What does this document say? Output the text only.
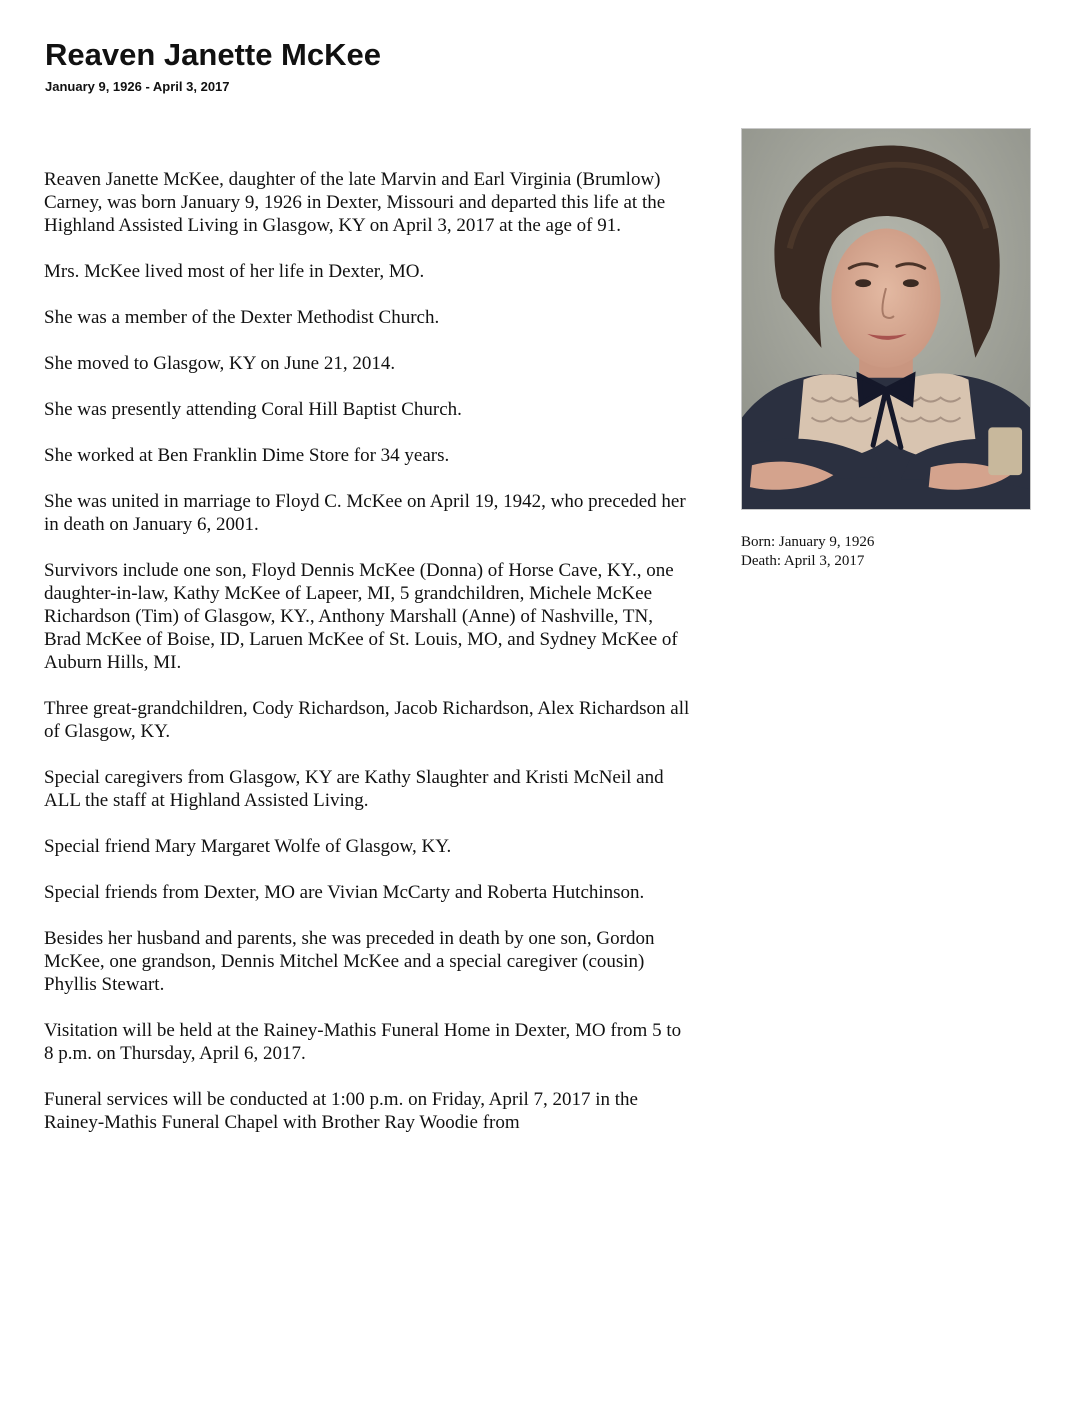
Reaven Janette McKee
January 9, 1926 - April 3, 2017

Reaven Janette McKee, daughter of the late Marvin and Earl Virginia (Brumlow) Carney, was born January 9, 1926 in Dexter, Missouri and departed this life at the Highland Assisted Living in Glasgow, KY on April 3, 2017 at the age of 91.

Mrs. McKee lived most of her life in Dexter, MO.

She was a member of the Dexter Methodist Church.

She moved to Glasgow, KY on June 21, 2014.

She was presently attending Coral Hill Baptist Church.

She worked at Ben Franklin Dime Store for 34 years.

She was united in marriage to Floyd C. McKee on April 19, 1942, who preceded her in death on January 6, 2001.

Survivors include one son, Floyd Dennis McKee (Donna) of Horse Cave, KY., one daughter-in-law, Kathy McKee of Lapeer, MI, 5 grandchildren, Michele McKee Richardson (Tim) of Glasgow, KY., Anthony Marshall (Anne) of Nashville, TN, Brad McKee of Boise, ID, Laruen McKee of St. Louis, MO, and Sydney McKee of Auburn Hills, MI.

Three great-grandchildren, Cody Richardson, Jacob Richardson, Alex Richardson all of Glasgow, KY.

Special caregivers from Glasgow, KY are Kathy Slaughter and Kristi McNeil and ALL the staff at Highland Assisted Living.

Special friend Mary Margaret Wolfe of Glasgow, KY.

Special friends from Dexter, MO are Vivian McCarty and Roberta Hutchinson.

Besides her husband and parents, she was preceded in death by one son, Gordon McKee, one grandson, Dennis Mitchel McKee and a special caregiver (cousin) Phyllis Stewart.

Visitation will be held at the Rainey-Mathis Funeral Home in Dexter, MO from 5 to 8 p.m. on Thursday, April 6, 2017.

Funeral services will be conducted at 1:00 p.m. on Friday, April 7, 2017 in the Rainey-Mathis Funeral Chapel with Brother Ray Woodie from

Born: January 9, 1926
Death: April 3, 2017
